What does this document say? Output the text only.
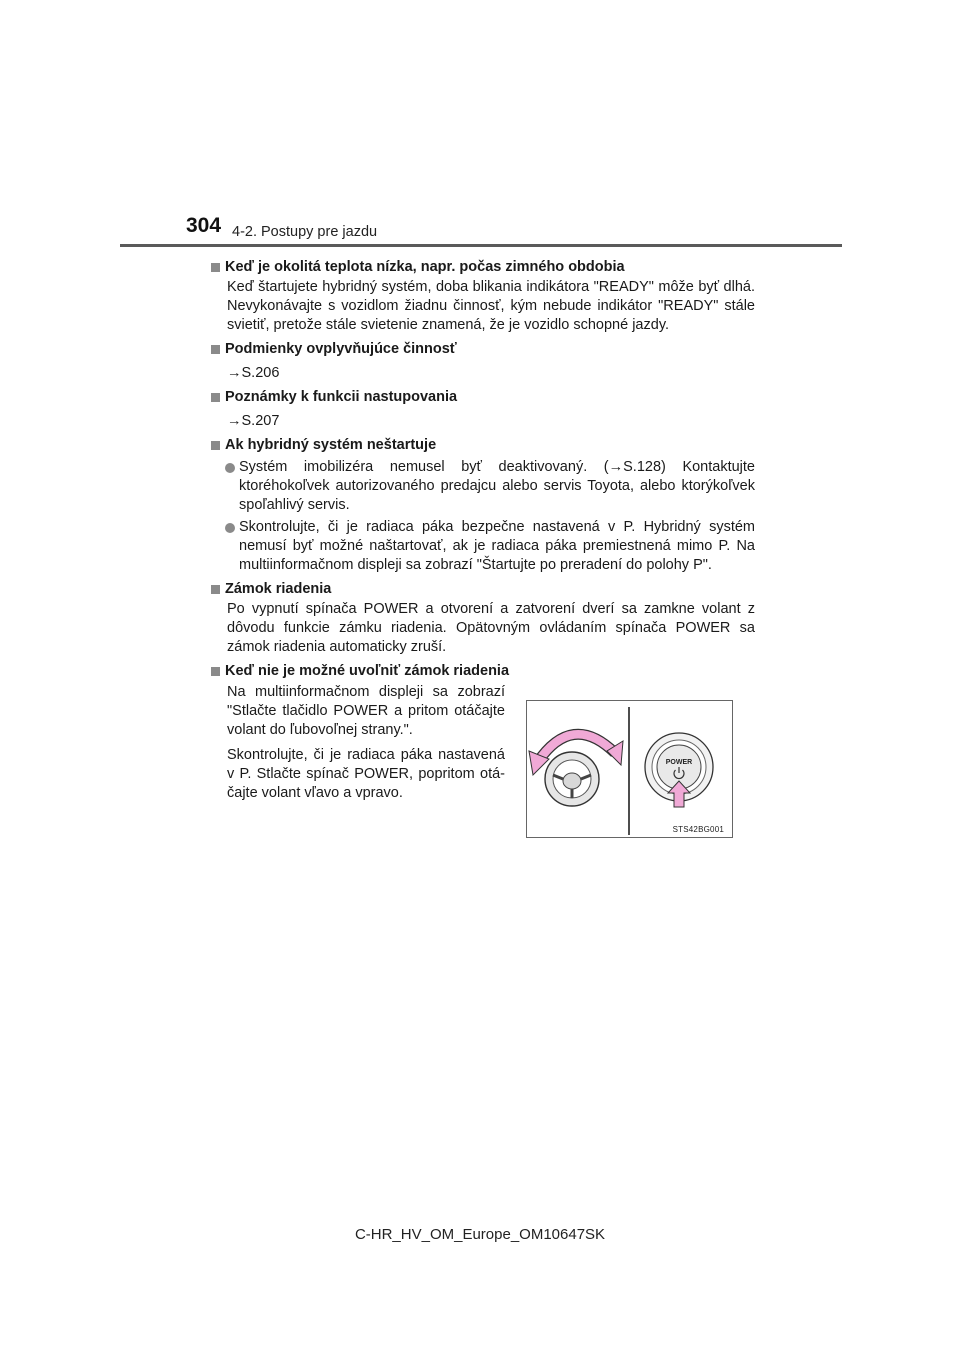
304 4-2. Postupy pre jazdu
Keď je okolitá teplota nízka, napr. počas zimného obdobia
Keď štartujete hybridný systém, doba blikania indikátora "READY" môže byť dlhá. Nevykonávajte s vozidlom žiadnu činnosť, kým nebude indikátor "READY" stále svietiť, pretože stále svietenie znamená, že je vozidlo schopné jazdy.
Podmienky ovplyvňujúce činnosť
→S.206
Poznámky k funkcii nastupovania
→S.207
Ak hybridný systém neštartuje
Systém imobilizéra nemusel byť deaktivovaný. (→S.128) Kontaktujte ktoréhokoľvek autorizovaného predajcu alebo servis Toyota, alebo ktorýkoľvek spoľahlivý servis.
Skontrolujte, či je radiaca páka bezpečne nastavená v P. Hybridný systém nemusí byť možné naštartovať, ak je radiaca páka premiestnená mimo P. Na multiinformačnom displeji sa zobrazí "Štartujte po preradení do polohy P".
Zámok riadenia
Po vypnutí spínača POWER a otvorení a zatvorení dverí sa zamkne volant z dôvodu funkcie zámku riadenia. Opätovným ovládaním spínača POWER sa zámok riadenia automaticky zruší.
Keď nie je možné uvoľniť zámok riadenia

Na multiinformačnom displeji sa zobrazí "Stlačte tlačidlo POWER a pritom otáčajte volant do ľubovoľnej strany.".

Skontrolujte, či je radiaca páka nastavená v P. Stlačte spínač POWER, popritom otá-čajte volant vľavo a vpravo.

POWER
STS42BG001
C-HR_HV_OM_Europe_OM10647SK
